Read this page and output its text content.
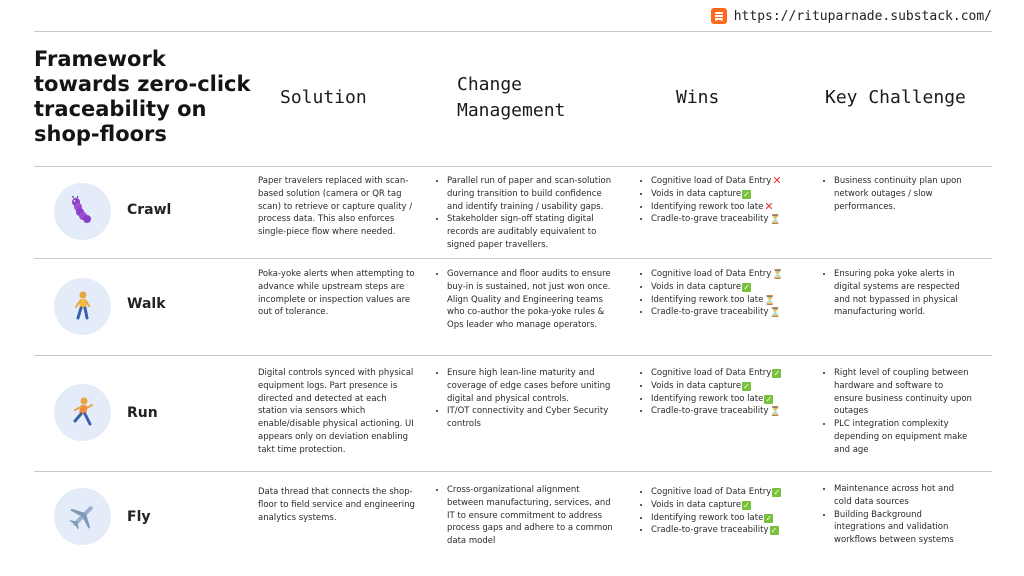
https://rituparnade.substack.com/
Framework towards zero-click traceability on shop-floors
Solution
Change Management
Wins	Key Challenge
Crawl
Paper travelers replaced with scan-based solution (camera or QR tag scan) to retrieve or capture quality / process data. This also enforces single-piece flow where needed.
• Parallel run of paper and scan-solution during transition to build confidence and identify training / usability gaps.
• Stakeholder sign-off stating digital records are auditably equivalent to signed paper travellers.
• Cognitive load of Data Entry✕
• Voids in data capture ✓
• Identifying rework too late✕
• Cradle-to-grave traceability⏳
• Business continuity plan upon network outages / slow performances.
Walk
Poka-yoke alerts when attempting to advance while upstream steps are incomplete or inspection values are out of tolerance.
• Governance and floor audits to ensure buy-in is sustained, not just won once. Align Quality and Engineering teams who co-author the poka-yoke rules & Ops leader who manage operators.
• Cognitive load of Data Entry⏳
• Voids in data capture ✓
• Identifying rework too late⏳
• Cradle-to-grave traceability⏳
• Ensuring poka yoke alerts in digital systems are respected and not bypassed in physical manufacturing world.
Run
Digital controls synced with physical equipment logs. Part presence is directed and detected at each station via sensors which enable/disable physical actioning. UI appears only on deviation enabling takt time protection.
• Ensure high lean-line maturity and coverage of edge cases before uniting digital and physical controls.
• IT/OT connectivity and Cyber Security controls
• Cognitive load of Data Entry ✓
• Voids in data capture ✓
• Identifying rework too late ✓
• Cradle-to-grave traceability⏳
• Right level of coupling between hardware and software to ensure business continuity upon outages
• PLC integration complexity depending on equipment make and age
Fly
Data thread that connects the shop-floor to field service and engineering analytics systems.
• Cross-organizational alignment between manufacturing, services, and IT to ensure commitment to address process gaps and adhere to a common data model
• Cognitive load of Data Entry ✓
• Voids in data capture ✓
• Identifying rework too late ✓
• Cradle-to-grave traceability ✓
• Maintenance across hot and cold data sources
• Building Background integrations and validation workflows between systems
